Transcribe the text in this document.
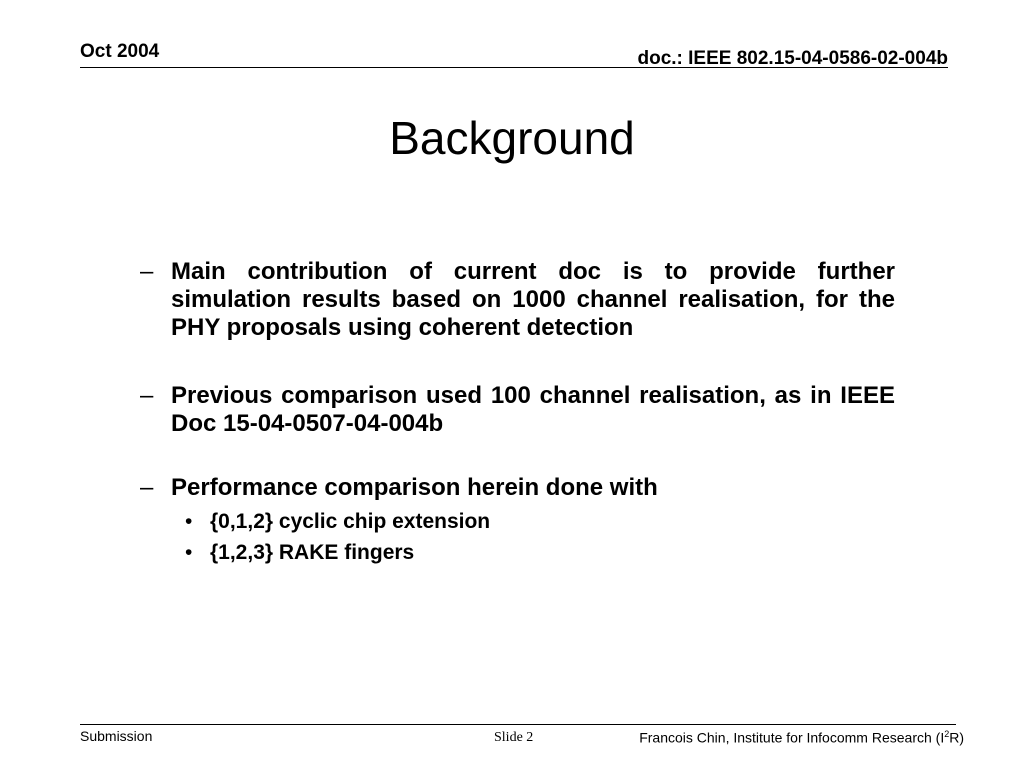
Oct 2004	doc.: IEEE 802.15-04-0586-02-004b
Background
– Main contribution of current doc is to provide further simulation results based on 1000 channel realisation, for the PHY proposals using coherent detection
– Previous comparison used 100 channel realisation, as in IEEE Doc 15-04-0507-04-004b
– Performance comparison herein done with
• {0,1,2} cyclic chip extension
• {1,2,3} RAKE fingers
Submission	Slide 2	Francois Chin, Institute for Infocomm Research $(I^2R)$
